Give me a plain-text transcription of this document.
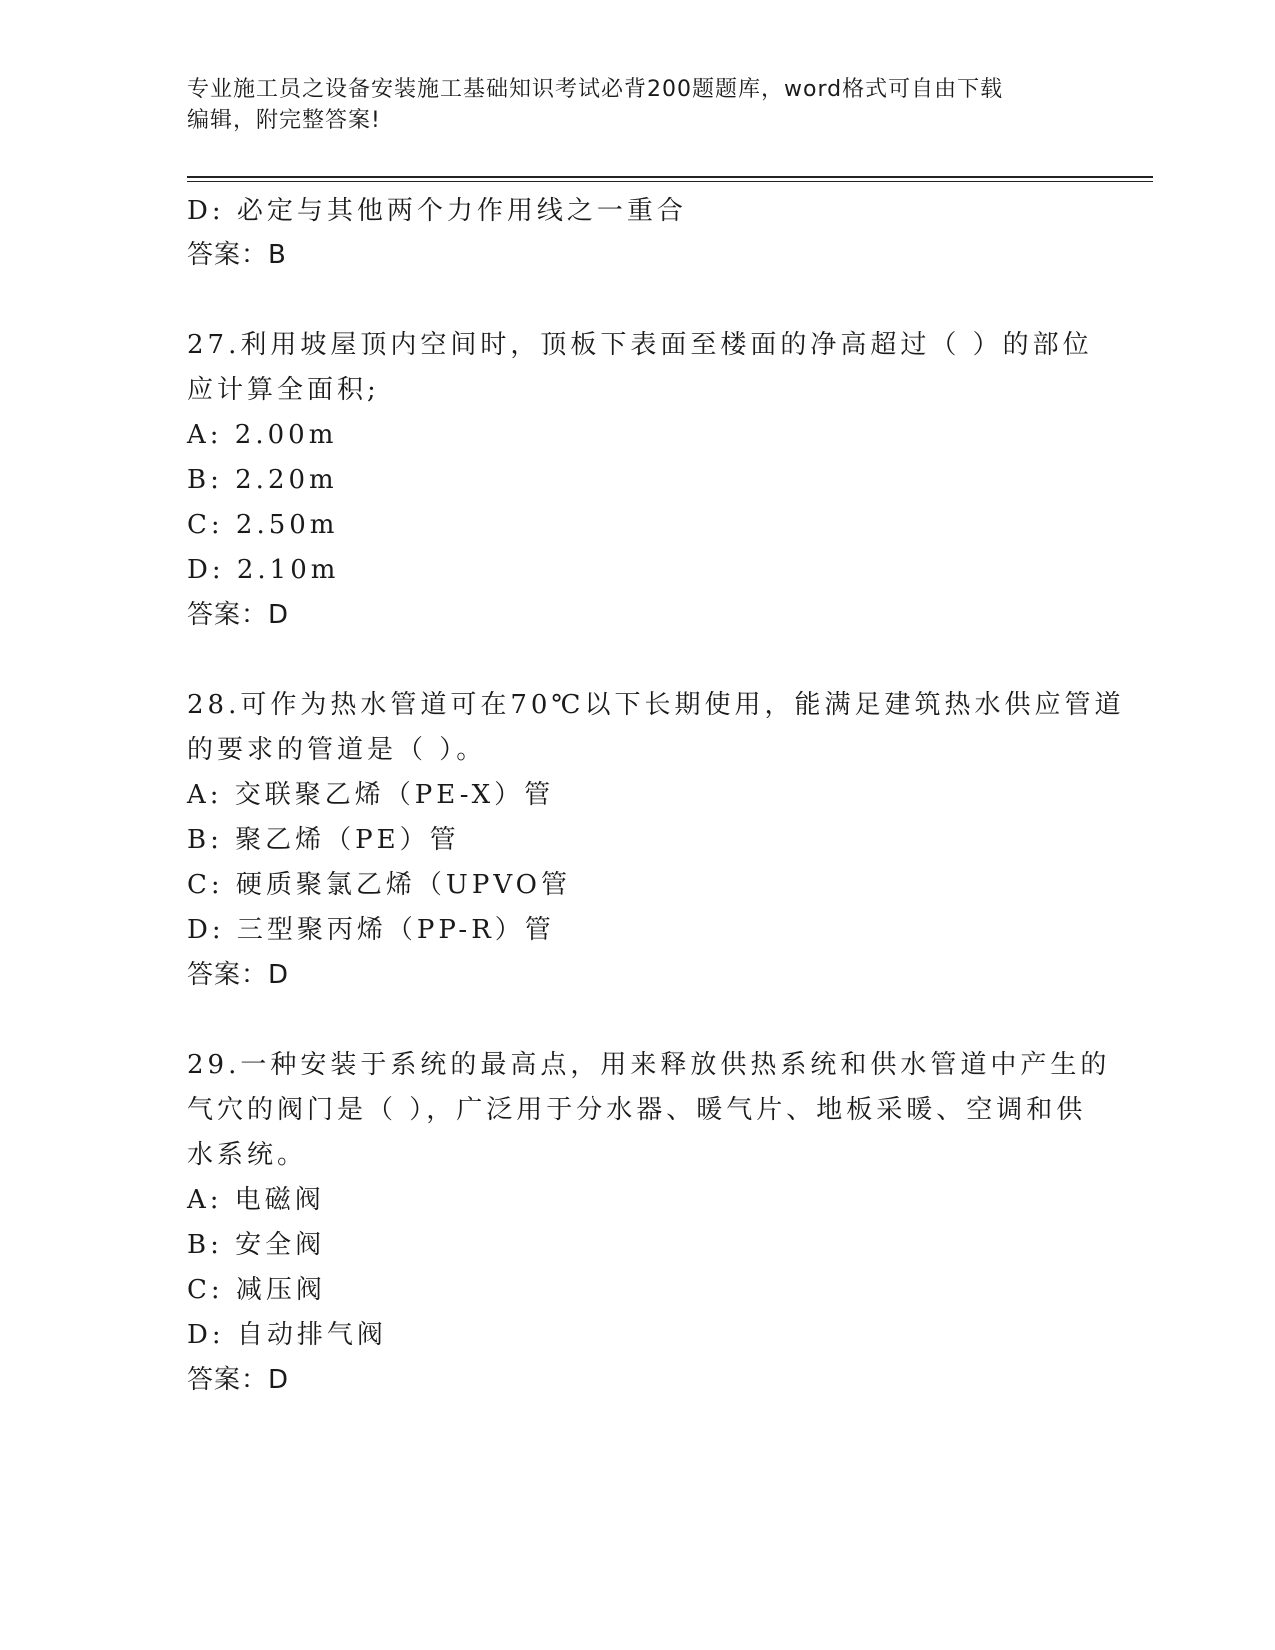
专业施工员之设备安装施工基础知识考试必背200题题库，word格式可自由下载
编辑，附完整答案!
D: 必定与其他两个力作用线之一重合
答案：B
27.利用坡屋顶内空间时，顶板下表面至楼面的净高超过（ ）的部位
应计算全面积;
A: 2.00m
B: 2.20m
C: 2.50m
D: 2.10m
答案：D
28.可作为热水管道可在70℃以下长期使用，能满足建筑热水供应管道
的要求的管道是（ ）。
A: 交联聚乙烯（PE-X）管
B: 聚乙烯（PE）管
C: 硬质聚氯乙烯（UPVO管
D: 三型聚丙烯（PP-R）管
答案：D
29.一种安装于系统的最高点，用来释放供热系统和供水管道中产生的
气穴的阀门是（ ），广泛用于分水器、暖气片、地板采暖、空调和供
水系统。
A: 电磁阀
B: 安全阀
C: 减压阀
D: 自动排气阀
答案：D
